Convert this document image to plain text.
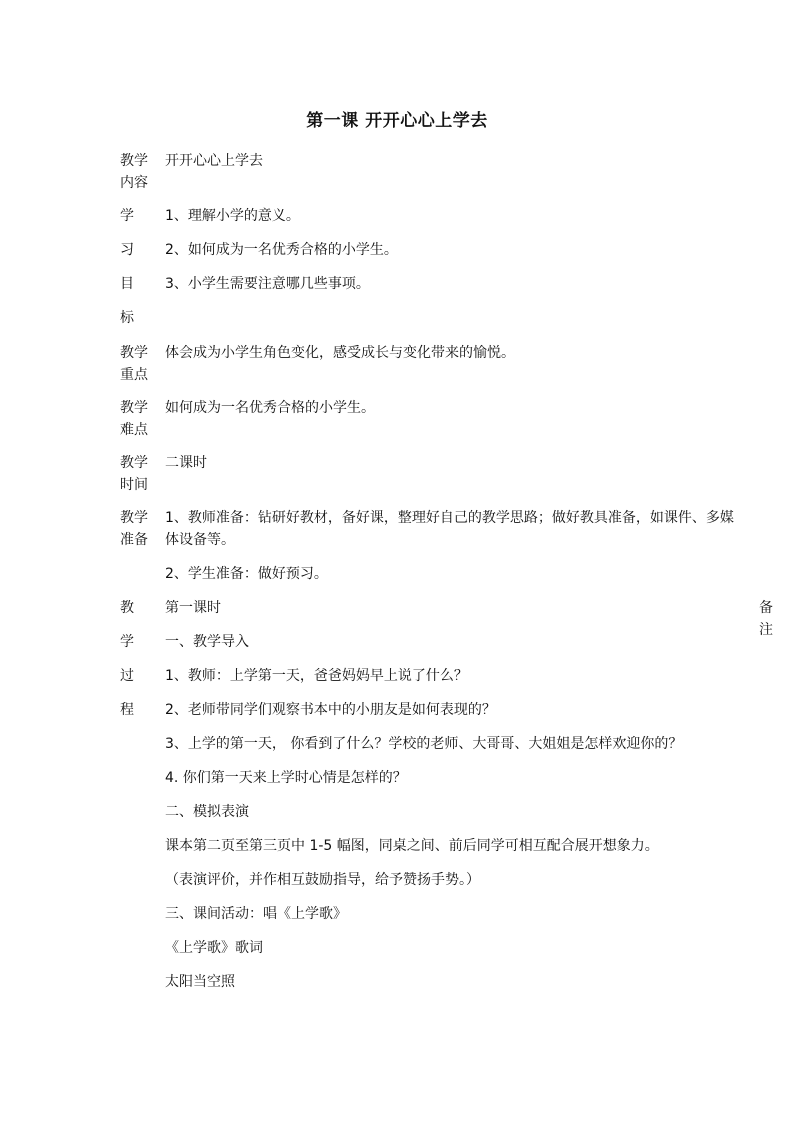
第一课 开开心心上学去
教学内容
开开心心上学去
学
习
目
标
1、理解小学的意义。
2、如何成为一名优秀合格的小学生。
3、小学生需要注意哪几些事项。
教学重点
体会成为小学生角色变化，感受成长与变化带来的愉悦。
教学难点
如何成为一名优秀合格的小学生。
教学时间
二课时
教学准备
1、教师准备：钻研好教材，备好课，整理好自己的教学思路；做好教具准备，如课件、多媒体设备等。
2、学生准备：做好预习。
教
学
过
程
备注
第一课时
一、教学导入
1、教师：上学第一天，爸爸妈妈早上说了什么？
2、老师带同学们观察书本中的小朋友是如何表现的？
3、上学的第一天， 你看到了什么？学校的老师、大哥哥、大姐姐是怎样欢迎你的？
4. 你们第一天来上学时心情是怎样的？
二、模拟表演
课本第二页至第三页中 1-5 幅图，同桌之间、前后同学可相互配合展开想象力。
（表演评价，并作相互鼓励指导，给予赞扬手势。）
三、课间活动：唱《上学歌》
《上学歌》歌词
太阳当空照
